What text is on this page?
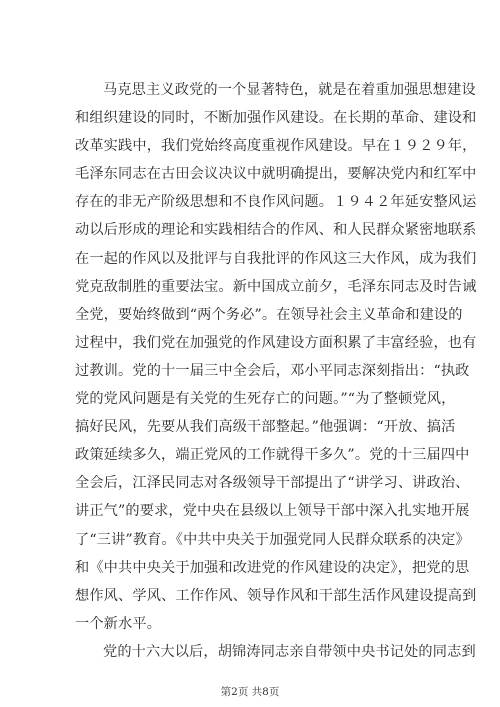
马克思主义政党的一个显著特色，就是在着重加强思想建设
和组织建设的同时，不断加强作风建设。在长期的革命、建设和
改革实践中，我们党始终高度重视作风建设。早在１９２９年，
毛泽东同志在古田会议决议中就明确提出，要解决党内和红军中
存在的非无产阶级思想和不良作风问题。１９４２年延安整风运
动以后形成的理论和实践相结合的作风、和人民群众紧密地联系
在一起的作风以及批评与自我批评的作风这三大作风，成为我们
党克敌制胜的重要法宝。新中国成立前夕，毛泽东同志及时告诫
全党，要始终做到“两个务必”。在领导社会主义革命和建设的
过程中，我们党在加强党的作风建设方面积累了丰富经验，也有
过教训。党的十一届三中全会后，邓小平同志深刻指出：“执政
党的党风问题是有关党的生死存亡的问题。”“为了整顿党风，
搞好民风，先要从我们高级干部整起。”他强调：“开放、搞活
政策延续多久，端正党风的工作就得干多久”。党的十三届四中
全会后，江泽民同志对各级领导干部提出了“讲学习、讲政治、
讲正气”的要求，党中央在县级以上领导干部中深入扎实地开展
了“三讲”教育。《中共中央关于加强党同人民群众联系的决定》
和《中共中央关于加强和改进党的作风建设的决定》，把党的思
想作风、学风、工作作风、领导作风和干部生活作风建设提高到
一个新水平。
党的十六大以后，胡锦涛同志亲自带领中央书记处的同志到
第2页 共8页
